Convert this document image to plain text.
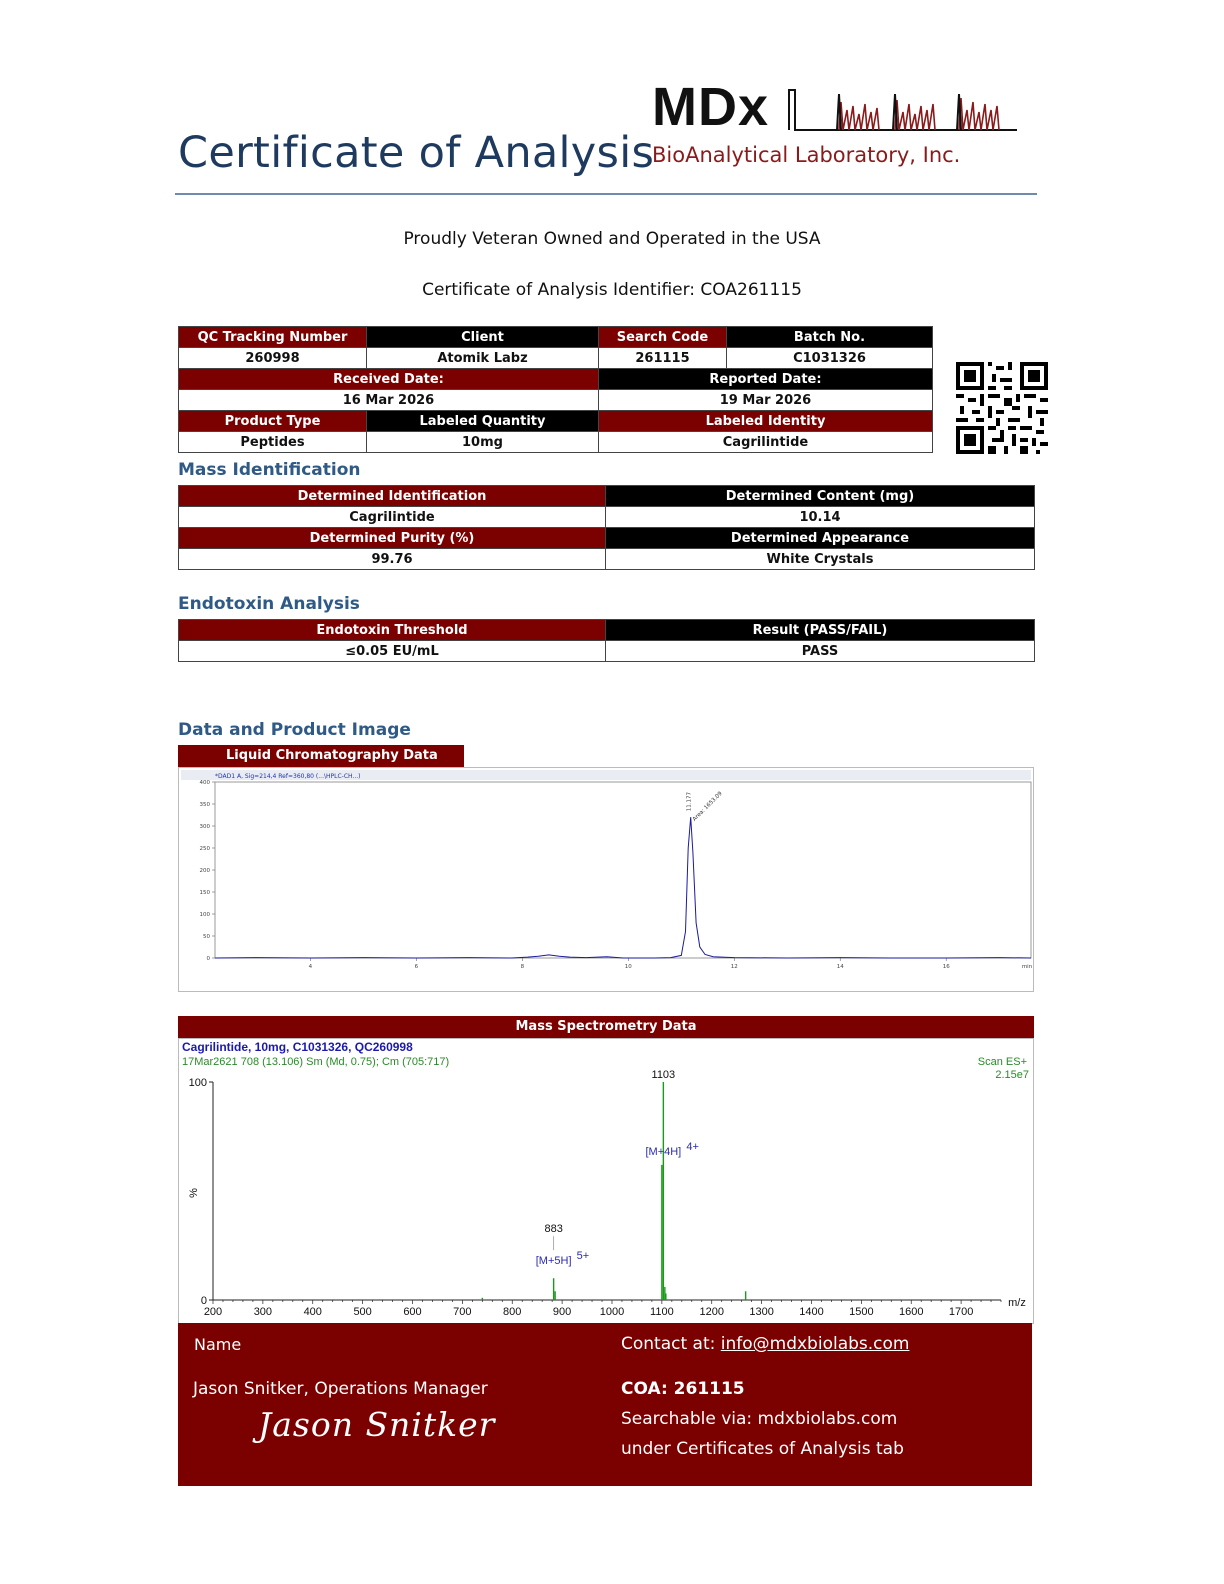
Certificate of Analysis
MDx
BioAnalytical Laboratory, Inc.
Proudly Veteran Owned and Operated in the USA
Certificate of Analysis Identifier: COA261115
QC Tracking Number	Client	Search Code	Batch No.
260998	Atomik Labz	261115	C1031326
Received Date:		Reported Date:	
16 Mar 2026		19 Mar 2026	
Product Type	Labeled Quantity	Labeled Identity	
Peptides	10mg	Cagrilintide	
Mass Identification
Determined Identification	Determined Content (mg)
Cagrilintide	10.14
Determined Purity (%)	Determined Appearance
99.76	White Crystals
Endotoxin Analysis
Endotoxin Threshold	Result (PASS/FAIL)
≤0.05 EU/mL	PASS
Data and Product Image
Liquid Chromatography Data
*DAD1 A, Sig=214,4 Ref=360,80 (...\HPLC-CH...)
400
350
300
250
200
150
100
50
0
4	6	8	10	12	14	16	min
11.177 Area: 1653.09
Mass Spectrometry Data
Cagrilintide, 10mg, C1031326, QC260998
17Mar2621 708 (13.106) Sm (Md, 0.75); Cm (705:717)	Scan ES+
2.15e7
100
0
%
200	300	400	500	600	700	800	900	1000 1100 1200 1300 1400 1500 1600 1700
m/z
883
[M+5H] 5+
1103
[M+4H] 4+
Name	Contact at: info@mdxbiolabs.com
Jason Snitker, Operations Manager	COA: 261115
Jason Snitker	Searchable via: mdxbiolabs.com
under Certificates of Analysis tab
